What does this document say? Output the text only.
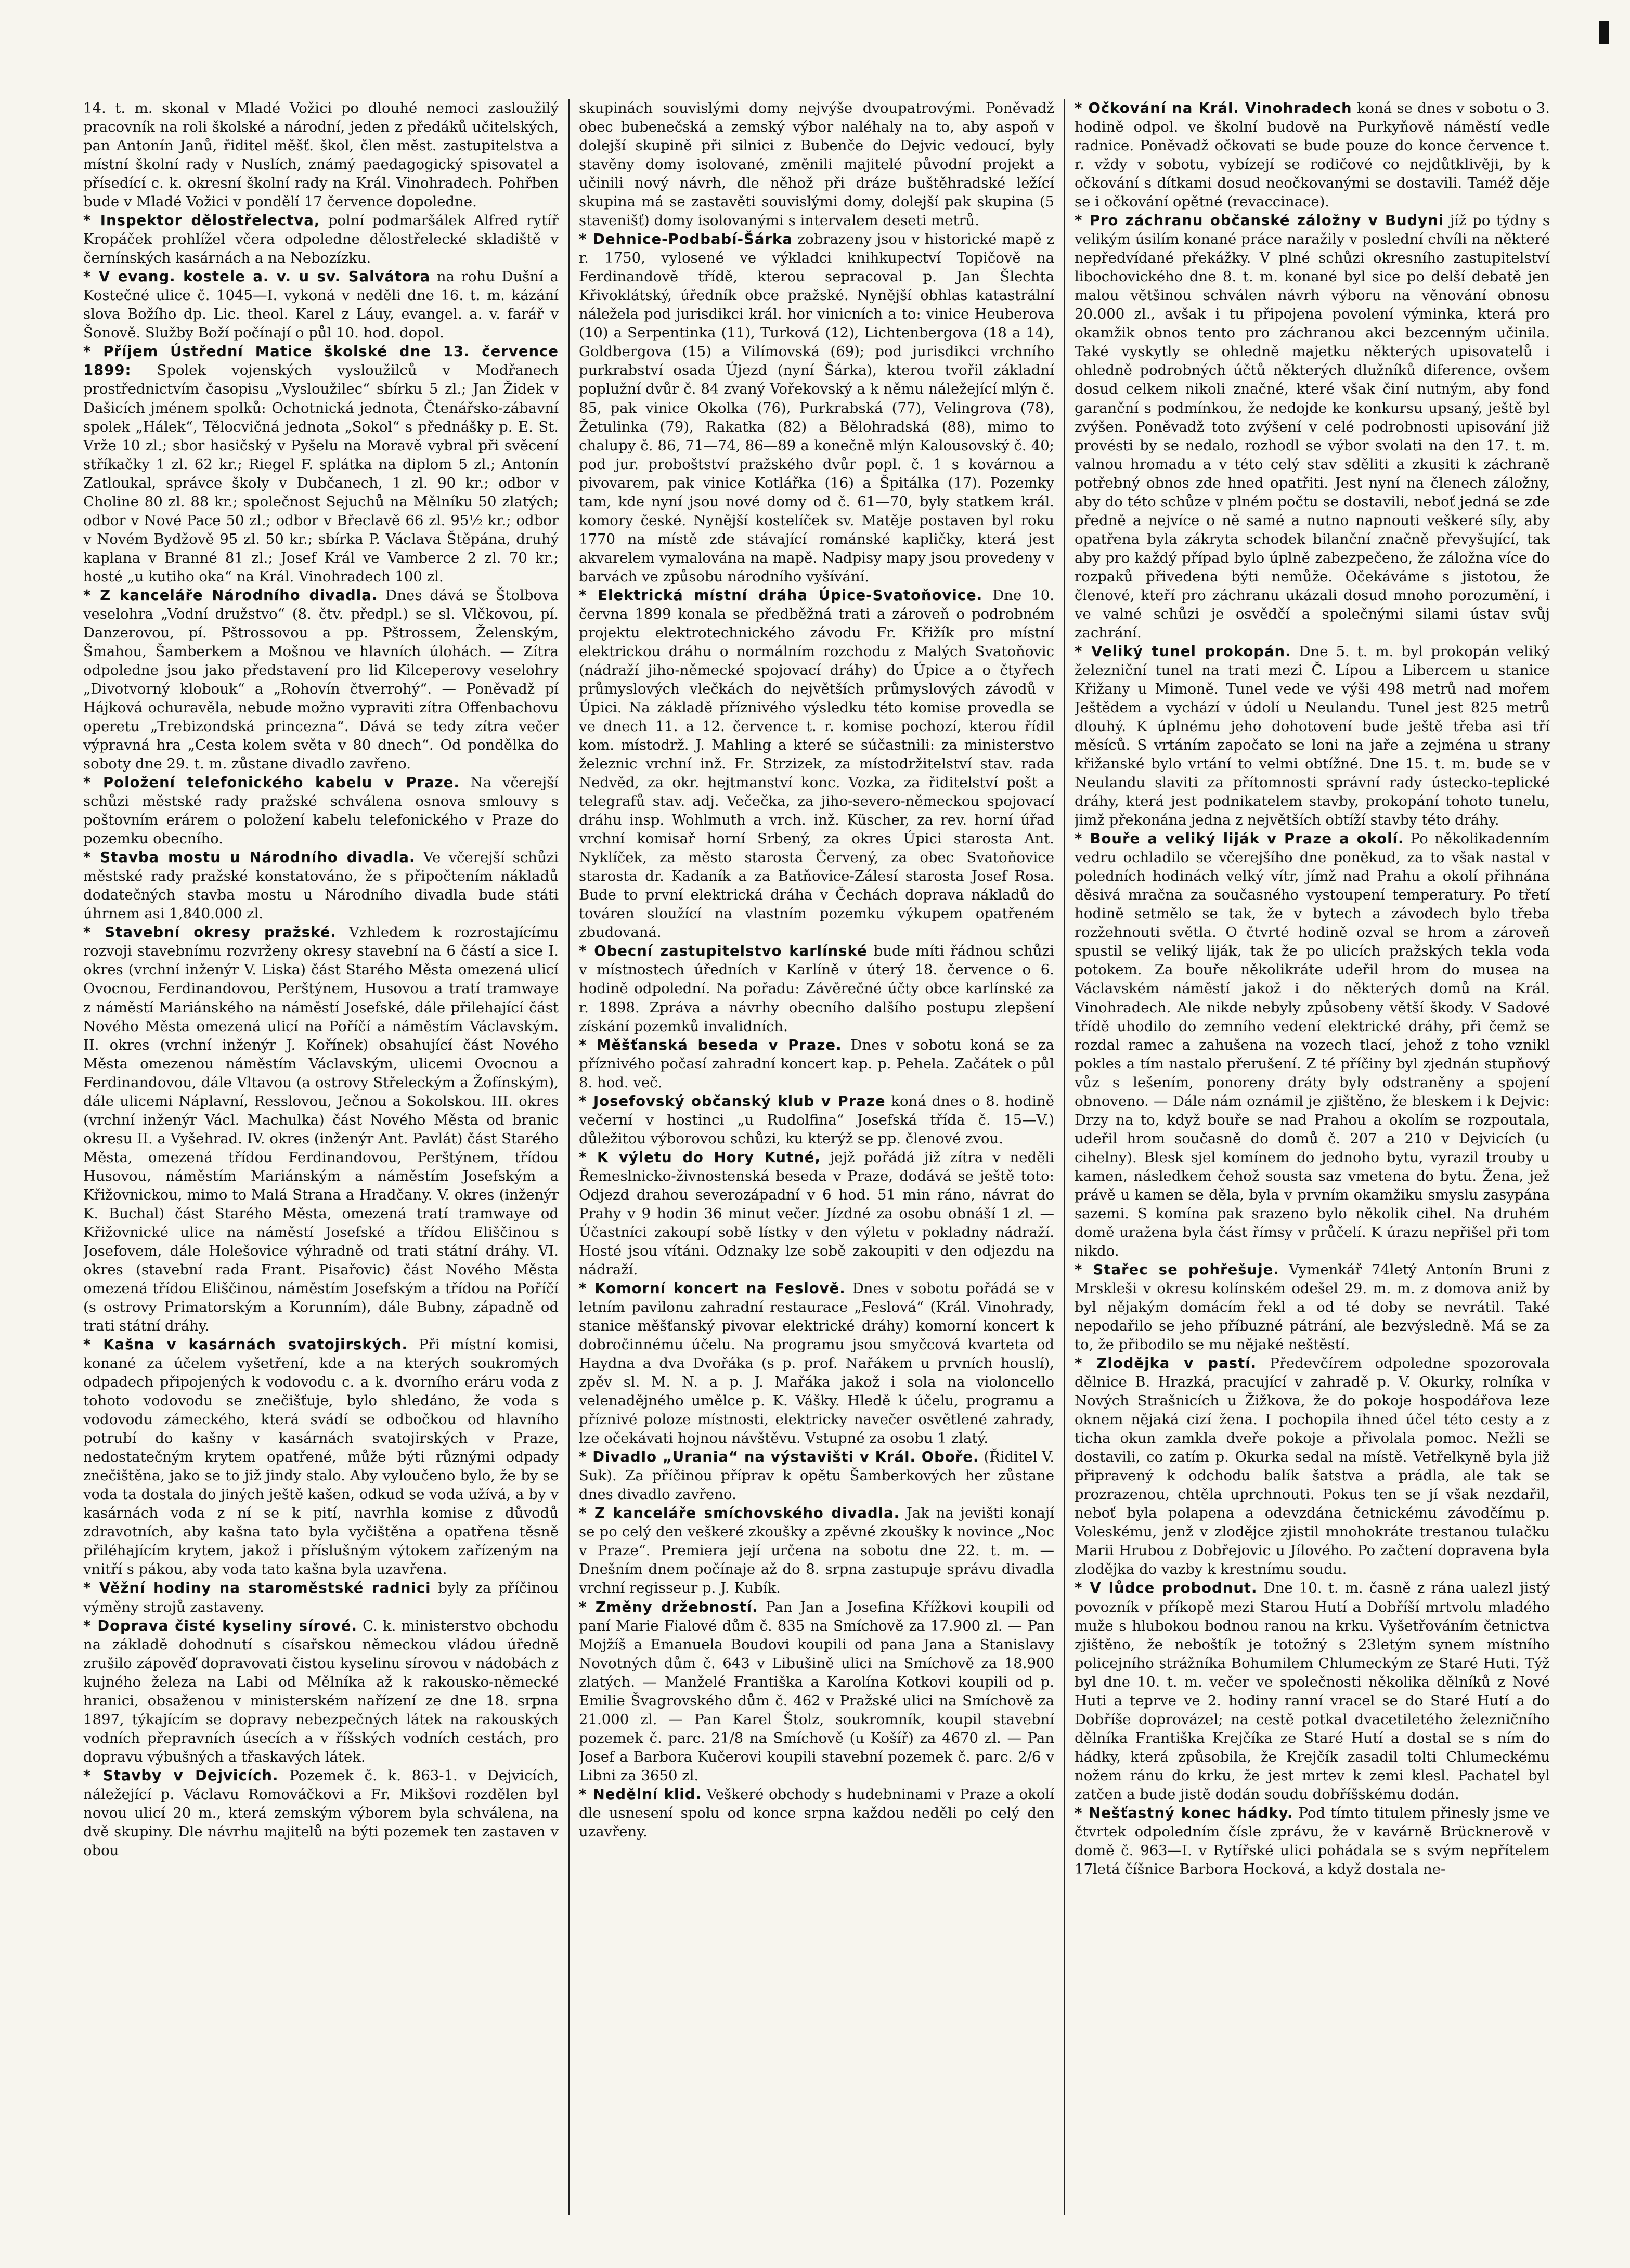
14. t. m. skonal v Mladé Vožici po dlouhé nemoci zasloužilý pracovník na roli školské a národní, jeden z předáků učitelských, pan Antonín Janů, řiditel měšť. škol, člen měst. zastupitelstva a místní školní rady v Nuslích, známý paedagogický spisovatel a přísedící c. k. okresní školní rady na Král. Vinohradech. Pohřben bude v Mladé Vožici v pondělí 17 července dopoledne.

* Inspektor dělostřelectva, polní podmaršálek Alfred rytíř Kropáček prohlížel včera odpoledne dělostřelecké skladiště v černínských kasárnách a na Nebozízku.

* V evang. kostele a. v. u sv. Salvátora na rohu Dušní a Kostečné ulice č. 1045—I. vykoná v neděli dne 16. t. m. kázání slova Božího dp. Lic. theol. Karel z Láuy, evangel. a. v. farář v Šonově. Služby Boží počínají o půl 10. hod. dopol.

* Příjem Ústřední Matice školské dne 13. července 1899: Spolek vojenských vysloužilců v Modřanech prostřednictvím časopisu „Vysloužilec“ sbírku 5 zl.; Jan Židek v Dašicích jménem spolků: Ochotnická jednota, Čtenářsko-zábavní spolek „Hálek“, Tělocvičná jednota „Sokol“ s přednášky p. E. St. Vrže 10 zl.; sbor hasičský v Pyšelu na Moravě vybral při svěcení stříkačky 1 zl. 62 kr.; Riegel F. splátka na diplom 5 zl.; Antonín Zatloukal, správce školy v Dubčanech, 1 zl. 90 kr.; odbor v Choline 80 zl. 88 kr.; společnost Sejuchů na Mělníku 50 zlatých; odbor v Nové Pace 50 zl.; odbor v Břeclavě 66 zl. 95½ kr.; odbor v Novém Bydžově 95 zl. 50 kr.; sbírka P. Václava Štěpána, druhý kaplana v Branné 81 zl.; Josef Král ve Vamberce 2 zl. 70 kr.; hosté „u kutiho oka“ na Král. Vinohradech 100 zl.

* Z kanceláře Národního divadla. Dnes dává se Štolbova veselohra „Vodní družstvo“ (8. čtv. předpl.) se sl. Vlčkovou, pí. Danzerovou, pí. Pštrossovou a pp. Pštrossem, Želenským, Šmahou, Šamberkem a Mošnou ve hlavních úlohách. — Zítra odpoledne jsou jako představení pro lid Kilceperovy veselohry „Divotvorný klobouk“ a „Rohovín čtverrohý“. — Poněvadž pí Hájková ochuravěla, nebude možno vypraviti zítra Offenbachovu operetu „Trebizondská princezna“. Dává se tedy zítra večer výpravná hra „Cesta kolem světa v 80 dnech“. Od pondělka do soboty dne 29. t. m. zůstane divadlo zavřeno.

* Položení telefonického kabelu v Praze. Na včerejší schůzi městské rady pražské schválena osnova smlouvy s poštovním erárem o položení kabelu telefonického v Praze do pozemku obecního.

* Stavba mostu u Národního divadla. Ve včerejší schůzi městské rady pražské konstatováno, že s připočtením nákladů dodatečných stavba mostu u Národního divadla bude státi úhrnem asi 1,840.000 zl.

* Stavební okresy pražské. Vzhledem k rozrostajícímu rozvoji stavebnímu rozvrženy okresy stavební na 6 částí a sice I. okres (vrchní inženýr V. Liska) část Starého Města omezená ulicí Ovocnou, Ferdinandovou, Perštýnem, Husovou a tratí tramwaye z náměstí Mariánského na náměstí Josefské, dále přilehající část Nového Města omezená ulicí na Poříčí a náměstím Václavským. II. okres (vrchní inženýr J. Kořínek) obsahující část Nového Města omezenou náměstím Václavským, ulicemi Ovocnou a Ferdinandovou, dále Vltavou (a ostrovy Střeleckým a Žofínským), dále ulicemi Náplavní, Resslovou, Ječnou a Sokolskou. III. okres (vrchní inženýr Václ. Machulka) část Nového Města od branic okresu II. a Vyšehrad. IV. okres (inženýr Ant. Pavlát) část Starého Města, omezená třídou Ferdinandovou, Perštýnem, třídou Husovou, náměstím Mariánským a náměstím Josefským a Křižovnickou, mimo to Malá Strana a Hradčany. V. okres (inženýr K. Buchal) část Starého Města, omezená tratí tramwaye od Křižovnické ulice na náměstí Josefské a třídou Eliščinou s Josefovem, dále Holešovice výhradně od trati státní dráhy. VI. okres (stavební rada Frant. Pisařovic) část Nového Města omezená třídou Eliščinou, náměstím Josefským a třídou na Poříčí (s ostrovy Primatorským a Korunním), dále Bubny, západně od trati státní dráhy.

* Kašna v kasárnách svatojirských. Při místní komisi, konané za účelem vyšetření, kde a na kterých soukromých odpadech připojených k vodovodu c. a k. dvorního eráru voda z tohoto vodovodu se znečišťuje, bylo shledáno, že voda s vodovodu zámeckého, která svádí se odbočkou od hlavního potrubí do kašny v kasárnách svatojirských v Praze, nedostatečným krytem opatřené, může býti různými odpady znečištěna, jako se to již jindy stalo. Aby vyloučeno bylo, že by se voda ta dostala do jiných ještě kašen, odkud se voda užívá, a by v kasárnách voda z ní se k pití, navrhla komise z důvodů zdravotních, aby kašna tato byla vyčištěna a opatřena těsně přiléhajícím krytem, jakož i příslušným výtokem zařízeným na vnitří s pákou, aby voda tato kašna byla uzavřena.

* Věžní hodiny na staroměstské radnici byly za příčinou výměny strojů zastaveny.

* Doprava čisté kyseliny sírové. C. k. ministerstvo obchodu na základě dohodnutí s císařskou německou vládou úředně zrušilo zápověď dopravovati čistou kyselinu sírovou v nádobách z kujného železa na Labi od Mělníka až k rakousko-německé hranici, obsaženou v ministerském nařízení ze dne 18. srpna 1897, týkajícím se dopravy nebezpečných látek na rakouských vodních přepravních úsecích a v říšských vodních cestách, pro dopravu výbušných a třaskavých látek.

* Stavby v Dejvicích. Pozemek č. k. 863-1. v Dejvicích, náležející p. Václavu Romováčkovi a Fr. Mikšovi rozdělen byl novou ulicí 20 m., která zemským výborem byla schválena, na dvě skupiny. Dle návrhu majitelů na býti pozemek ten zastaven v obou

skupinách souvislými domy nejvýše dvoupatrovými. Poněvadž obec bubenečská a zemský výbor naléhaly na to, aby aspoň v dolejší skupině při silnici z Bubenče do Dejvic vedoucí, byly stavěny domy isolované, změnili majitelé původní projekt a učinili nový návrh, dle něhož při dráze buštěhradské ležící skupina má se zastavěti souvislými domy, dolejší pak skupina (5 stavenišť) domy isolovanými s intervalem deseti metrů.

* Dehnice-Podbabí-Šárka zobrazeny jsou v historické mapě z r. 1750, vylosené ve výkladci knihkupectví Topičově na Ferdinandově třídě, kterou sepracoval p. Jan Šlechta Křivoklátský, úředník obce pražské. Nynější obhlas katastrální náležela pod jurisdikci král. hor vinicních a to: vinice Heuberova (10) a Serpentinka (11), Turková (12), Lichtenbergova (18 a 14), Goldbergova (15) a Vilímovská (69); pod jurisdikci vrchního purkrabství osada Újezd (nyní Šárka), kterou tvořil základní poplužní dvůr č. 84 zvaný Vořekovský a k němu náležející mlýn č. 85, pak vinice Okolka (76), Purkrabská (77), Velingrova (78), Žetulinka (79), Rakatka (82) a Bělohradská (88), mimo to chalupy č. 86, 71—74, 86—89 a konečně mlýn Kalousovský č. 40; pod jur. proboštství pražského dvůr popl. č. 1 s kovárnou a pivovarem, pak vinice Kotlářka (16) a Špitálka (17). Pozemky tam, kde nyní jsou nové domy od č. 61—70, byly statkem král. komory české. Nynější kostelíček sv. Matěje postaven byl roku 1770 na místě zde stávající románské kapličky, která jest akvarelem vymalována na mapě. Nadpisy mapy jsou provedeny v barvách ve způsobu národního vyšívání.

* Elektrická místní dráha Úpice-Svatoňovice. Dne 10. června 1899 konala se předběžná trati a zároveň o podrobném projektu elektrotechnického závodu Fr. Křižík pro místní elektrickou dráhu o normálním rozchodu z Malých Svatoňovic (nádraží jiho-německé spojovací dráhy) do Úpice a o čtyřech průmyslových vlečkách do největších průmyslových závodů v Úpici. Na základě příznivého výsledku této komise provedla se ve dnech 11. a 12. července t. r. komise pochozí, kterou řídil kom. místodrž. J. Mahling a které se súčastnili: za ministerstvo železnic vrchní inž. Fr. Strzizek, za místodržitelství stav. rada Nedvěd, za okr. hejtmanství konc. Vozka, za řiditelství pošt a telegrafů stav. adj. Večečka, za jiho-severo-německou spojovací dráhu insp. Wohlmuth a vrch. inž. Küscher, za rev. horní úřad vrchní komisař horní Srbený, za okres Úpici starosta Ant. Nyklíček, za město starosta Červený, za obec Svatoňovice starosta dr. Kadaník a za Batňovice-Zálesí starosta Josef Rosa. Bude to první elektrická dráha v Čechách doprava nákladů do továren sloužící na vlastním pozemku výkupem opatřeném zbudovaná.

* Obecní zastupitelstvo karlínské bude míti řádnou schůzi v místnostech úředních v Karlíně v úterý 18. července o 6. hodině odpolední. Na pořadu: Závěrečné účty obce karlínské za r. 1898. Zpráva a návrhy obecního dalšího postupu zlepšení získání pozemků invalidních.

* Měšťanská beseda v Praze. Dnes v sobotu koná se za příznivého počasí zahradní koncert kap. p. Pehela. Začátek o půl 8. hod. več.

* Josefovský občanský klub v Praze koná dnes o 8. hodině večerní v hostinci „u Rudolfina“ Josefská třída č. 15—V.) důležitou výborovou schůzi, ku kterýž se pp. členové zvou.

* K výletu do Hory Kutné, jejž pořádá již zítra v neděli Řemeslnicko-živnostenská beseda v Praze, dodává se ještě toto: Odjezd drahou severozápadní v 6 hod. 51 min ráno, návrat do Prahy v 9 hodin 36 minut večer. Jízdné za osobu obnáší 1 zl. — Účastníci zakoupí sobě lístky v den výletu v pokladny nádraží. Hosté jsou vítáni. Odznaky lze sobě zakoupiti v den odjezdu na nádraží.

* Komorní koncert na Feslově. Dnes v sobotu pořádá se v letním pavilonu zahradní restaurace „Feslová“ (Král. Vinohrady, stanice měšťanský pivovar elektrické dráhy) komorní koncert k dobročinnému účelu. Na programu jsou smyčcová kvarteta od Haydna a dva Dvořáka (s p. prof. Nařákem u prvních houslí), zpěv sl. M. N. a p. J. Mařáka jakož i sola na violoncello velenadějného umělce p. K. Vášky. Hledě k účelu, programu a příznivé poloze místnosti, elektricky navečer osvětlené zahrady, lze očekávati hojnou návštěvu. Vstupné za osobu 1 zlatý.

* Divadlo „Urania“ na výstavišti v Král. Oboře. (Řiditel V. Suk). Za příčinou příprav k opětu Šamberkových her zůstane dnes divadlo zavřeno.

* Z kanceláře smíchovského divadla. Jak na jevišti konají se po celý den veškeré zkoušky a zpěvné zkoušky k novince „Noc v Praze“. Premiera její určena na sobotu dne 22. t. m. — Dnešním dnem počínaje až do 8. srpna zastupuje správu divadla vrchní regisseur p. J. Kubík.

* Změny držebností. Pan Jan a Josefina Křížkovi koupili od paní Marie Fialové dům č. 835 na Smíchově za 17.900 zl. — Pan Mojžíš a Emanuela Boudovi koupili od pana Jana a Stanislavy Novotných dům č. 643 v Libušině ulici na Smíchově za 18.900 zlatých. — Manželé Františka a Karolína Kotkovi koupili od p. Emilie Švagrovského dům č. 462 v Pražské ulici na Smíchově za 21.000 zl. — Pan Karel Štolz, soukromník, koupil stavební pozemek č. parc. 21/8 na Smíchově (u Košíř) za 4670 zl. — Pan Josef a Barbora Kučerovi koupili stavební pozemek č. parc. 2/6 v Libni za 3650 zl.

* Nedělní klid. Veškeré obchody s hudebninami v Praze a okolí dle usnesení spolu od konce srpna každou neděli po celý den uzavřeny.

* Očkování na Král. Vinohradech koná se dnes v sobotu o 3. hodině odpol. ve školní budově na Purkyňově náměstí vedle radnice. Poněvadž očkovati se bude pouze do konce července t. r. vždy v sobotu, vybízejí se rodičové co nejdůtklivěji, by k očkování s dítkami dosud neočkovanými se dostavili. Taméž děje se i očkování opětné (revaccinace).

* Pro záchranu občanské záložny v Budyni jíž po týdny s velikým úsilím konané práce naražily v poslední chvíli na některé nepředvídané překážky. V plné schůzi okresního zastupitelství libochovického dne 8. t. m. konané byl sice po delší debatě jen malou většinou schválen návrh výboru na věnování obnosu 20.000 zl., avšak i tu připojena povolení výminka, která pro okamžik obnos tento pro záchranou akci bezcenným učinila. Také vyskytly se ohledně majetku některých upisovatelů i ohledně podrobných účtů některých dlužníků diference, ovšem dosud celkem nikoli značné, které však činí nutným, aby fond garanční s podmínkou, že nedojde ke konkursu upsaný, ještě byl zvýšen. Poněvadž toto zvýšení v celé podrobnosti upisování již provésti by se nedalo, rozhodl se výbor svolati na den 17. t. m. valnou hromadu a v této celý stav sděliti a zkusiti k záchraně potřebný obnos zde hned opatřiti. Jest nyní na členech záložny, aby do této schůze v plném počtu se dostavili, neboť jedná se zde předně a nejvíce o ně samé a nutno napnouti veškeré síly, aby opatřena byla zákryta schodek bilanční značně převyšující, tak aby pro každý případ bylo úplně zabezpečeno, že záložna více do rozpaků přivedena býti nemůže. Očekáváme s jistotou, že členové, kteří pro záchranu ukázali dosud mnoho porozumění, i ve valné schůzi je osvědčí a společnými silami ústav svůj zachrání.

* Veliký tunel prokopán. Dne 5. t. m. byl prokopán veliký železniční tunel na trati mezi Č. Lípou a Libercem u stanice Křižany u Mimoně. Tunel vede ve výši 498 metrů nad mořem Ještědem a vychází v údolí u Neulandu. Tunel jest 825 metrů dlouhý. K úplnému jeho dohotovení bude ještě třeba asi tří měsíců. S vrtáním započato se loni na jaře a zejména u strany křižanské bylo vrtání to velmi obtížné. Dne 15. t. m. bude se v Neulandu slaviti za přítomnosti správní rady ústecko-teplické dráhy, která jest podnikatelem stavby, prokopání tohoto tunelu, jimž překonána jedna z největších obtíží stavby této dráhy.

* Bouře a veliký liják v Praze a okolí. Po několikadenním vedru ochladilo se včerejšího dne poněkud, za to však nastal v poledních hodinách velký vítr, jímž nad Prahu a okolí přihnána děsivá mračna za současného vystoupení temperatury. Po třetí hodině setmělo se tak, že v bytech a závodech bylo třeba rozžehnouti světla. O čtvrté hodině ozval se hrom a zároveň spustil se veliký liják, tak že po ulicích pražských tekla voda potokem. Za bouře několikráte udeřil hrom do musea na Václavském náměstí jakož i do některých domů na Král. Vinohradech. Ale nikde nebyly způsobeny větší škody. V Sadové třídě uhodilo do zemního vedení elektrické dráhy, při čemž se rozdal ramec a zahušena na vozech tlací, jehož z toho vznikl pokles a tím nastalo přerušení. Z té příčiny byl zjednán stupňový vůz s lešením, ponoreny dráty byly odstraněny a spojení obnoveno. — Dále nám oznámil je zjištěno, že bleskem i k Dejvic: Drzy na to, když bouře se nad Prahou a okolím se rozpoutala, udeřil hrom současně do domů č. 207 a 210 v Dejvicích (u cihelny). Blesk sjel komínem do jednoho bytu, vyrazil trouby u kamen, následkem čehož sousta saz vmetena do bytu. Žena, jež právě u kamen se děla, byla v prvním okamžiku smyslu zasypána sazemi. S komína pak srazeno bylo několik cihel. Na druhém domě uražena byla část římsy v průčelí. K úrazu nepřišel při tom nikdo.

* Stařec se pohřešuje. Vymenkář 74letý Antonín Bruni z Mrskleši v okresu kolínském odešel 29. m. m. z domova aniž by byl nějakým domácím řekl a od té doby se nevrátil. Také nepodařilo se jeho příbuzné pátrání, ale bezvýsledně. Má se za to, že přibodilo se mu nějaké neštěstí.

* Zlodějka v pastí. Předevčírem odpoledne spozorovala dělnice B. Hrazká, pracující v zahradě p. V. Okurky, rolníka v Nových Strašnicích u Žižkova, že do pokoje hospodářova leze oknem nějaká cizí žena. I pochopila ihned účel této cesty a z ticha okun zamkla dveře pokoje a přivolala pomoc. Nežli se dostavili, co zatím p. Okurka sedal na místě. Vetřelkyně byla již připravený k odchodu balík šatstva a prádla, ale tak se prozrazenou, chtěla uprchnouti. Pokus ten se jí však nezdařil, neboť byla polapena a odevzdána četnickému závodčímu p. Voleskému, jenž v zlodějce zjistil mnohokráte trestanou tulačku Marii Hrubou z Dobřejovic u Jílového. Po začtení dopravena byla zlodějka do vazby k krestnímu soudu.

* V lůdce probodnut. Dne 10. t. m. časně z rána ualezl jistý povozník v příkopě mezi Starou Hutí a Dobříší mrtvolu mladého muže s hlubokou bodnou ranou na krku. Vyšetřováním četnictva zjištěno, že neboštík je totožný s 23letým synem místního policejního strážníka Bohumilem Chlumeckým ze Staré Huti. Týž byl dne 10. t. m. večer ve společnosti několika dělníků z Nové Huti a teprve ve 2. hodiny ranní vracel se do Staré Hutí a do Dobříše doprovázel; na cestě potkal dvacetiletého železničního dělníka Františka Krejčíka ze Staré Hutí a dostal se s ním do hádky, která způsobila, že Krejčík zasadil tolti Chlumeckému nožem ránu do krku, že jest mrtev k zemi klesl. Pachatel byl zatčen a bude jistě dodán soudu dobříšskému dodán.

* Nešťastný konec hádky. Pod tímto titulem přinesly jsme ve čtvrtek odpoledním čísle zprávu, že v kavárně Brücknerově v domě č. 963—I. v Rytířské ulici pohádala se s svým nepřítelem 17letá číšnice Barbora Hocková, a když dostala ne-
